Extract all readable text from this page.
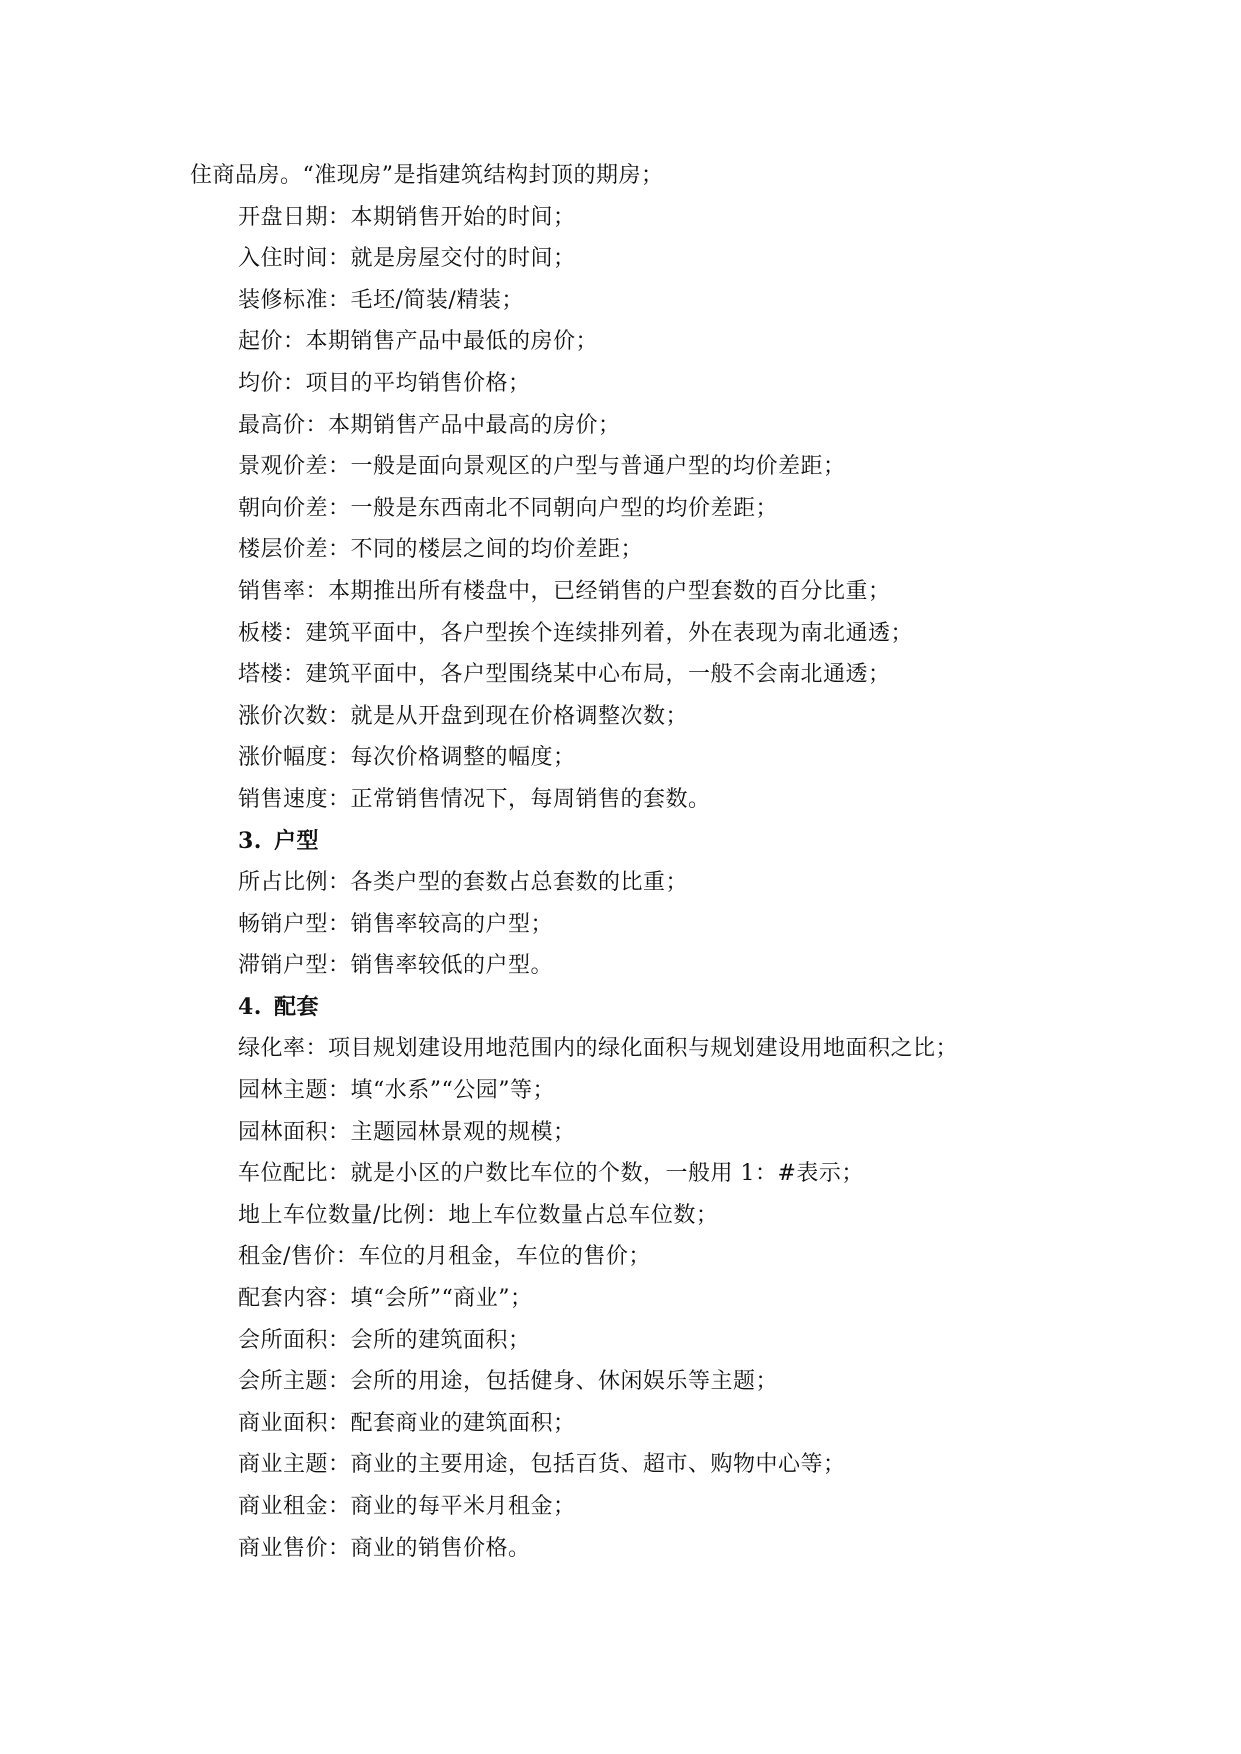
住商品房。“准现房”是指建筑结构封顶的期房；
开盘日期：本期销售开始的时间；
入住时间：就是房屋交付的时间；
装修标准：毛坯/简装/精装；
起价：本期销售产品中最低的房价；
均价：项目的平均销售价格；
最高价：本期销售产品中最高的房价；
景观价差：一般是面向景观区的户型与普通户型的均价差距；
朝向价差：一般是东西南北不同朝向户型的均价差距；
楼层价差：不同的楼层之间的均价差距；
销售率：本期推出所有楼盘中，已经销售的户型套数的百分比重；
板楼：建筑平面中，各户型挨个连续排列着，外在表现为南北通透；
塔楼：建筑平面中，各户型围绕某中心布局，一般不会南北通透；
涨价次数：就是从开盘到现在价格调整次数；
涨价幅度：每次价格调整的幅度；
销售速度：正常销售情况下，每周销售的套数。
3. 户型
所占比例：各类户型的套数占总套数的比重；
畅销户型：销售率较高的户型；
滞销户型：销售率较低的户型。
4. 配套
绿化率：项目规划建设用地范围内的绿化面积与规划建设用地面积之比；
园林主题：填“水系”“公园”等；
园林面积：主题园林景观的规模；
车位配比：就是小区的户数比车位的个数，一般用 1：#表示；
地上车位数量/比例：地上车位数量占总车位数；
租金/售价：车位的月租金，车位的售价；
配套内容：填“会所”“商业”；
会所面积：会所的建筑面积；
会所主题：会所的用途，包括健身、休闲娱乐等主题；
商业面积：配套商业的建筑面积；
商业主题：商业的主要用途，包括百货、超市、购物中心等；
商业租金：商业的每平米月租金；
商业售价：商业的销售价格。
